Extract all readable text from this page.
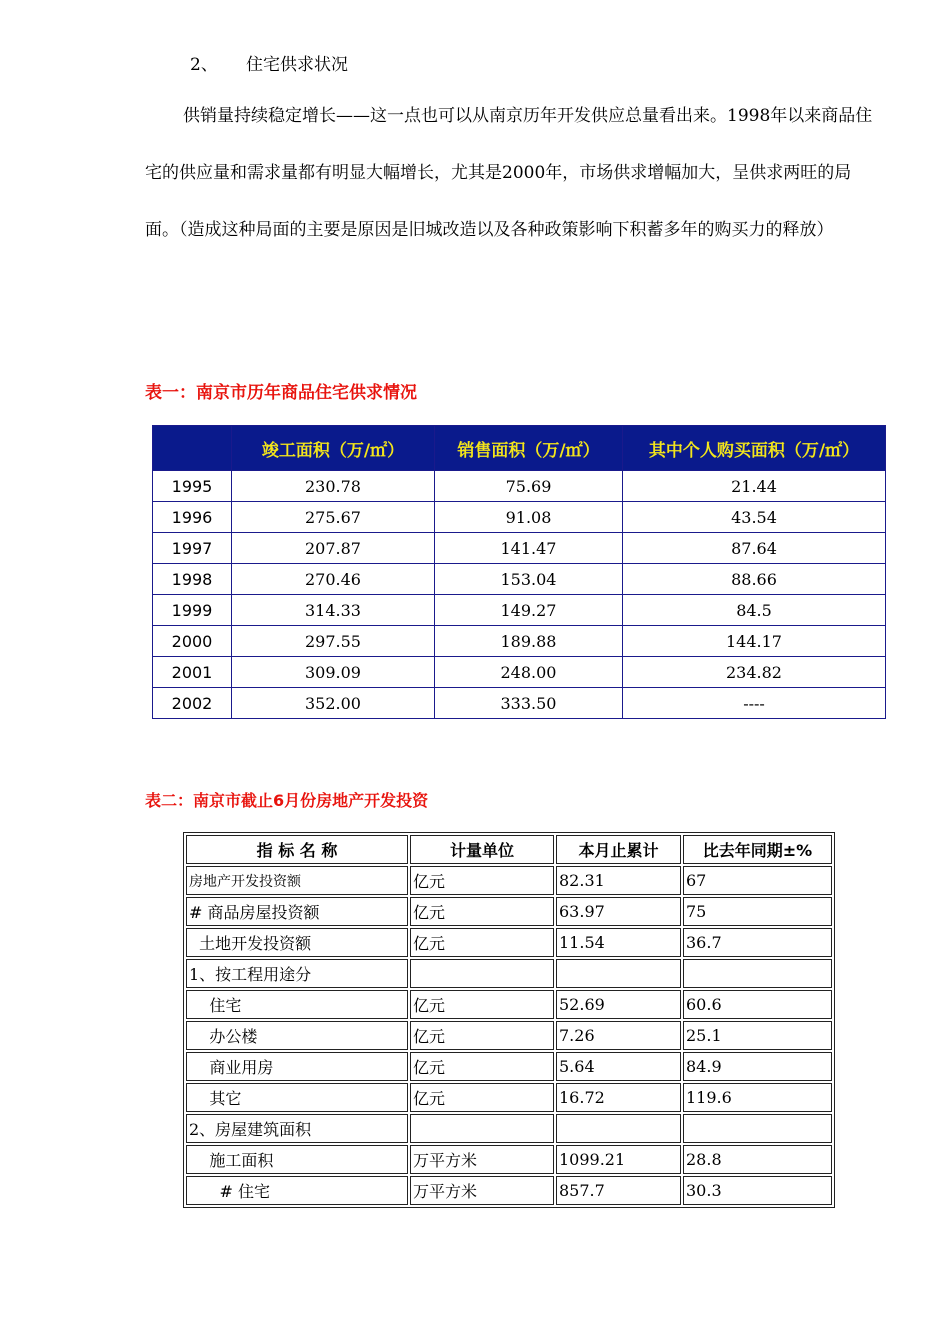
2、 住宅供求状况
供销量持续稳定增长——这一点也可以从南京历年开发供应总量看出来。1998年以来商品住宅的供应量和需求量都有明显大幅增长，尤其是2000年，市场供求增幅加大，呈供求两旺的局面。（造成这种局面的主要是原因是旧城改造以及各种政策影响下积蓄多年的购买力的释放）
表一：南京市历年商品住宅供求情况
	竣工面积（万/㎡）	销售面积（万/㎡）	其中个人购买面积（万/㎡）
1995	230.78	75.69	21.44
1996	275.67	91.08	43.54
1997	207.87	141.47	87.64
1998	270.46	153.04	88.66
1999	314.33	149.27	84.5
2000	297.55	189.88	144.17
2001	309.09	248.00	234.82
2002	352.00	333.50	----
表二：南京市截止6月份房地产开发投资
指 标 名 称	计量单位	本月止累计	比去年同期±%
房地产开发投资额	亿元	82.31	67
# 商品房屋投资额	亿元	63.97	75
土地开发投资额	亿元	11.54	36.7
1、按工程用途分			
住宅	亿元	52.69	60.6
办公楼	亿元	7.26	25.1
商业用房	亿元	5.64	84.9
其它	亿元	16.72	119.6
2、房屋建筑面积			
施工面积	万平方米	1099.21	28.8
# 住宅	万平方米	857.7	30.3
